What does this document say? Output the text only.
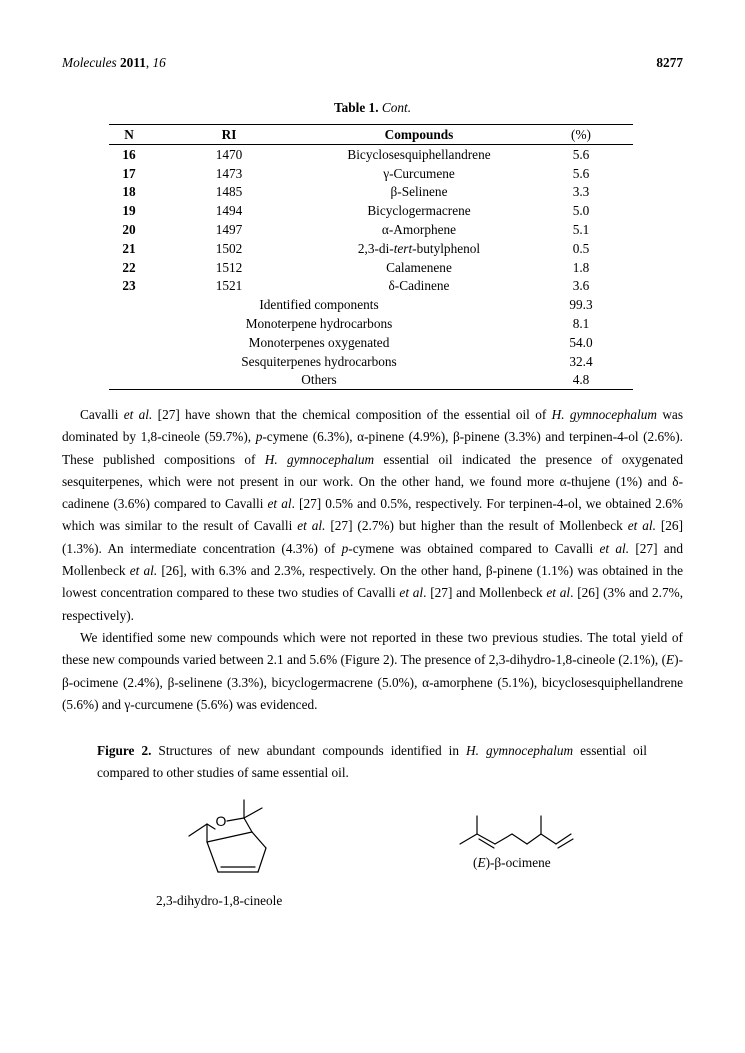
Molecules 2011, 16	8277
Table 1. Cont.
N	RI	Compounds	(%)
16	1470	Bicyclosesquiphellandrene	5.6
17	1473	γ-Curcumene	5.6
18	1485	β-Selinene	3.3
19	1494	Bicyclogermacrene	5.0
20	1497	α-Amorphene	5.1
21	1502	2,3-di-tert-butylphenol	0.5
22	1512	Calamenene	1.8
23	1521	δ-Cadinene	3.6
Identified components			99.3
Monoterpene hydrocarbons			8.1
Monoterpenes oxygenated			54.0
Sesquiterpenes hydrocarbons			32.4
Others			4.8

Cavalli et al. [27] have shown that the chemical composition of the essential oil of H. gymnocephalum was dominated by 1,8-cineole (59.7%), p-cymene (6.3%), α-pinene (4.9%), β-pinene (3.3%) and terpinen-4-ol (2.6%). These published compositions of H. gymnocephalum essential oil indicated the presence of oxygenated sesquiterpenes, which were not present in our work. On the other hand, we found more α-thujene (1%) and δ-cadinene (3.6%) compared to Cavalli et al. [27] 0.5% and 0.5%, respectively. For terpinen-4-ol, we obtained 2.6% which was similar to the result of Cavalli et al. [27] (2.7%) but higher than the result of Mollenbeck et al. [26] (1.3%). An intermediate concentration (4.3%) of p-cymene was obtained compared to Cavalli et al. [27] and Mollenbeck et al. [26], with 6.3% and 2.3%, respectively. On the other hand, β-pinene (1.1%) was obtained in the lowest concentration compared to these two studies of Cavalli et al. [27] and Mollenbeck et al. [26] (3% and 2.7%, respectively).

We identified some new compounds which were not reported in these two previous studies. The total yield of these new compounds varied between 2.1 and 5.6% (Figure 2). The presence of 2,3-dihydro-1,8-cineole (2.1%), (E)-β-ocimene (2.4%), β-selinene (3.3%), bicyclogermacrene (5.0%), α-amorphene (5.1%), bicyclosesquiphellandrene (5.6%) and γ-curcumene (5.6%) was evidenced.

Figure 2. Structures of new abundant compounds identified in H. gymnocephalum essential oil compared to other studies of same essential oil.
O
2,3-dihydro-1,8-cineole
(E)-β-ocimene
